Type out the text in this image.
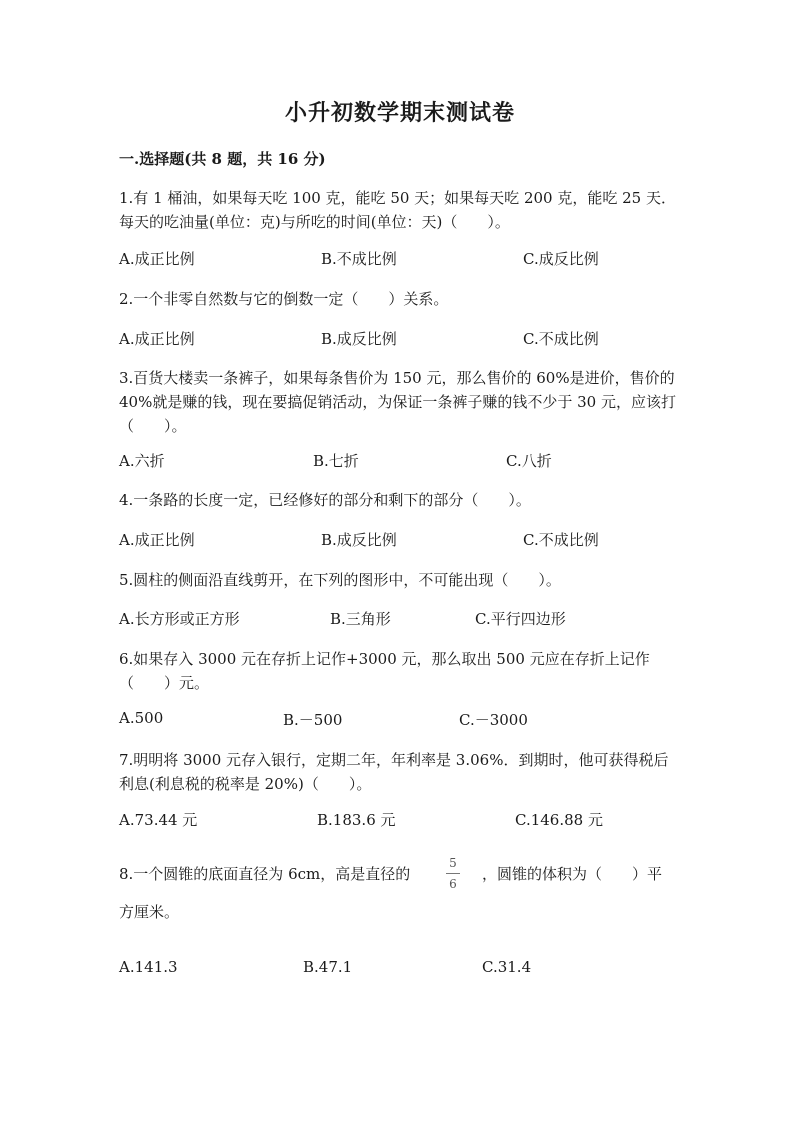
小升初数学期末测试卷
一.选择题(共 8 题，共 16 分)
1.有 1 桶油，如果每天吃 100 克，能吃 50 天；如果每天吃 200 克，能吃 25 天．每天的吃油量(单位：克)与所吃的时间(单位：天)（　　）。
A.成正比例	B.不成比例	C.成反比例
2.一个非零自然数与它的倒数一定（　　）关系。
A.成正比例	B.成反比例	C.不成比例
3.百货大楼卖一条裤子，如果每条售价为 150 元，那么售价的 60%是进价，售价的 40%就是赚的钱，现在要搞促销活动，为保证一条裤子赚的钱不少于 30 元，应该打（　　）。
A.六折	B.七折	C.八折
4.一条路的长度一定，已经修好的部分和剩下的部分（　　）。
A.成正比例	B.成反比例	C.不成比例
5.圆柱的侧面沿直线剪开，在下列的图形中，不可能出现（　　）。
A.长方形或正方形	B.三角形	C.平行四边形
6.如果存入 3000 元在存折上记作+3000 元，那么取出 500 元应在存折上记作（　　）元。
A.500	B.－500	C.－3000
7.明明将 3000 元存入银行，定期二年，年利率是 3.06%．到期时，他可获得税后利息(利息税的税率是 20%)（　　）。
A.73.44 元	B.183.6 元	C.146.88 元
8.一个圆锥的底面直径为 6cm，高是直径的
5
6
，圆锥的体积为（　　）平
方厘米。
A.141.3	B.47.1	C.31.4
